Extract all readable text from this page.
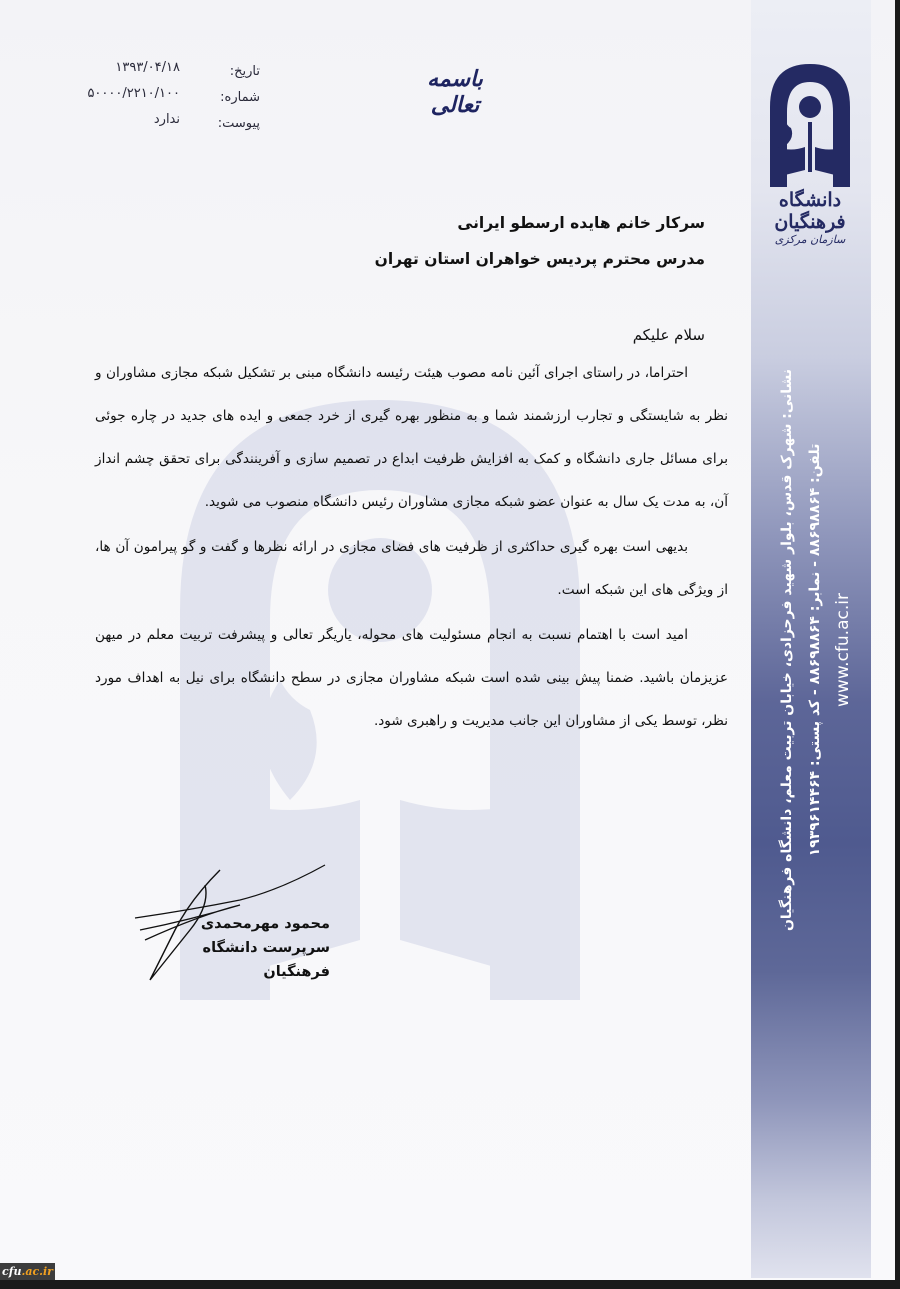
دانشگاه فرهنگیان
سازمان مرکزی
باسمه تعالی
تاریخ:
۱۳۹۳/۰۴/۱۸
شماره:
۵۰۰۰۰/۲۲۱۰/۱۰۰
پیوست:
ندارد
سرکار خانم هایده ارسطو ایرانی
مدرس محترم پردیس خواهران استان تهران
سلام علیکم

احتراما، در راستای اجرای آئین نامه مصوب هیئت رئیسه دانشگاه مبنی بر تشکیل شبکه مجازی مشاوران و نظر به شایستگی و تجارب ارزشمند شما و به منظور بهره گیری از خرد جمعی و ایده های جدید در چاره جوئی برای مسائل جاری دانشگاه و کمک به افزایش ظرفیت ابداع در تصمیم سازی و آفرینندگی برای تحقق چشم انداز آن، به مدت یک سال به عنوان عضو شبکه مجازی مشاوران رئیس دانشگاه منصوب می شوید.

بدیهی است بهره گیری حداکثری از ظرفیت های فضای مجازی در ارائه نظرها و گفت و گو پیرامون آن ها، از ویژگی های این شبکه است.

امید است با اهتمام نسبت به انجام مسئولیت های محوله، یاریگر تعالی و پیشرفت تربیت معلم در میهن عزیزمان باشید. ضمنا پیش بینی شده است شبکه مشاوران مجازی در سطح دانشگاه برای نیل به اهداف مورد نظر، توسط یکی از مشاوران این جانب مدیریت و راهبری شود.

محمود مهرمحمدی
سرپرست دانشگاه فرهنگیان
نشانی: شهرک قدس، بلوار شهید فرحزادی، خیابان تربیت معلم، دانشگاه فرهنگیان تلفن: ۸۸۶۹۸۸۶۴ - نمابر: ۸۸۶۹۸۸۶۴ - کد پستی: ۱۹۳۹۶۱۴۴۶۴
www.cfu.ac.ir
cfu.ac.ir
